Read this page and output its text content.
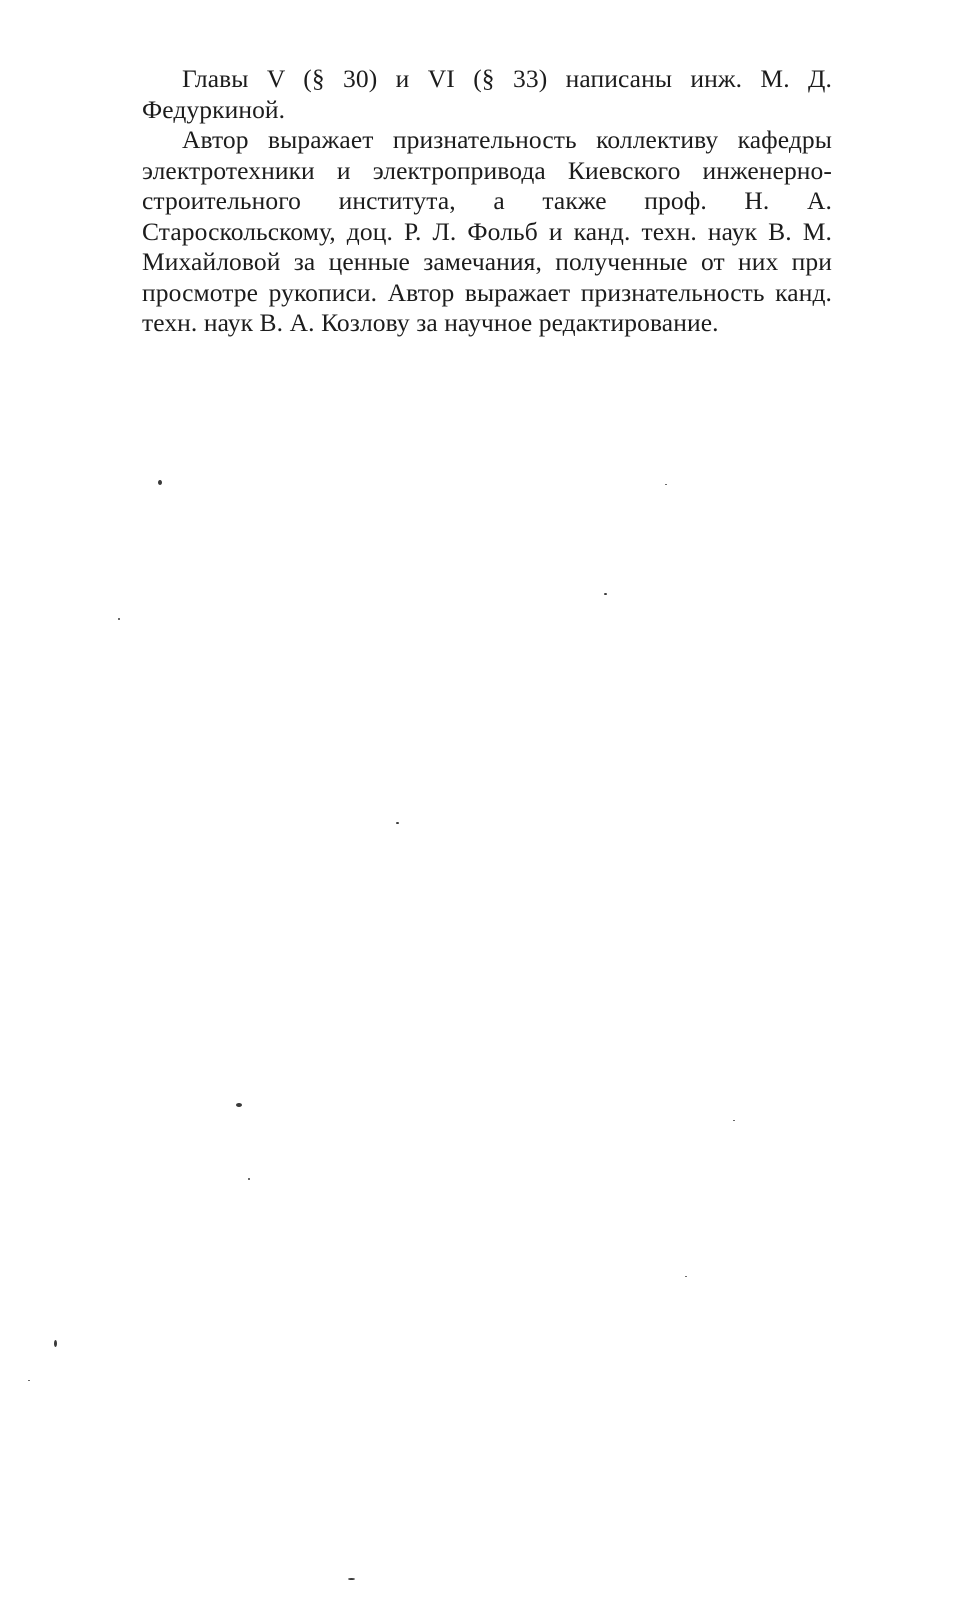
Главы V (§ 30) и VI (§ 33) написаны инж. М. Д. Федуркиной.

Автор выражает признательность коллективу кафедры электротехники и электропривода Киевского инженерно-строительного института, а также проф. Н. А. Староскольскому, доц. Р. Л. Фольб и канд. техн. наук В. М. Михайловой за ценные замечания, полученные от них при просмотре рукописи. Автор выражает признательность канд. техн. наук В. А. Козлову за научное редактирование.
